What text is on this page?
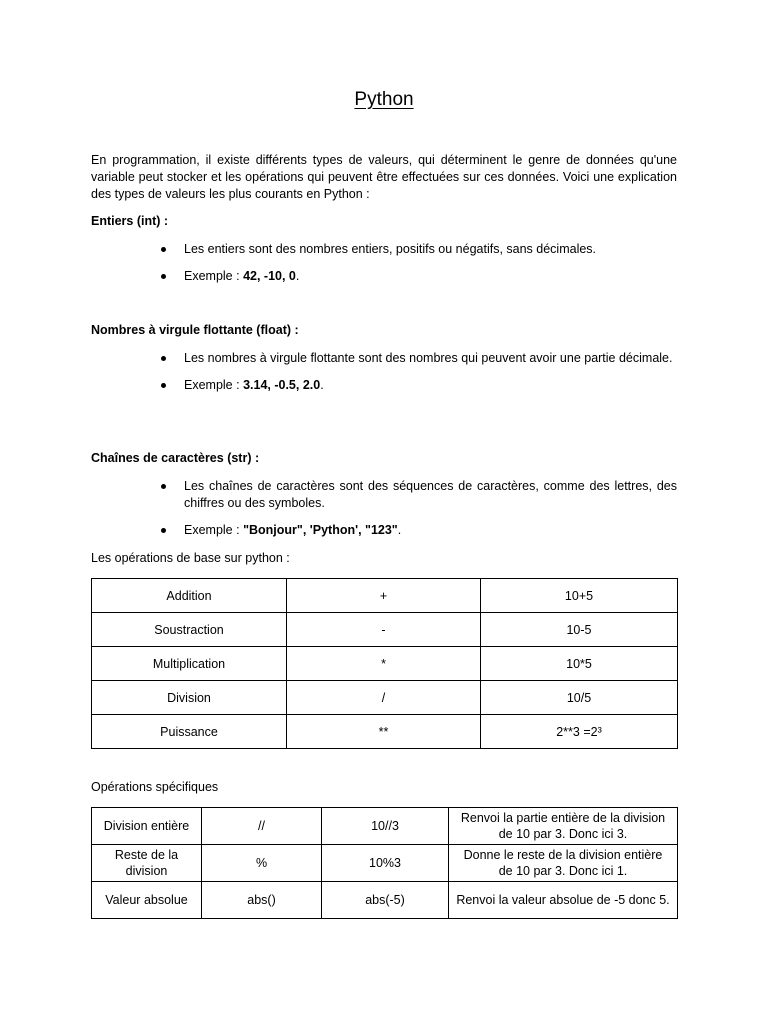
Python

En programmation, il existe différents types de valeurs, qui déterminent le genre de données qu'une variable peut stocker et les opérations qui peuvent être effectuées sur ces données. Voici une explication des types de valeurs les plus courants en Python :

Entiers (int) :

Les entiers sont des nombres entiers, positifs ou négatifs, sans décimales.
Exemple : 42, -10, 0.

Nombres à virgule flottante (float) :

Les nombres à virgule flottante sont des nombres qui peuvent avoir une partie décimale.
Exemple : 3.14, -0.5, 2.0.

Chaînes de caractères (str) :

Les chaînes de caractères sont des séquences de caractères, comme des lettres, des chiffres ou des symboles.
Exemple : "Bonjour", 'Python', "123".

Les opérations de base sur python :

Addition	+	10+5
Soustraction	-	10-5
Multiplication	*	10*5
Division	/	10/5
Puissance	**	2**3 =2³

Opérations spécifiques

Division entière	//	10//3	Renvoi la partie entière de la division de 10 par 3. Donc ici 3.
Reste de la division	%	10%3	Donne le reste de la division entière de 10 par 3. Donc ici 1.
Valeur absolue	abs()	abs(-5)	Renvoi la valeur absolue de -5 donc 5.
